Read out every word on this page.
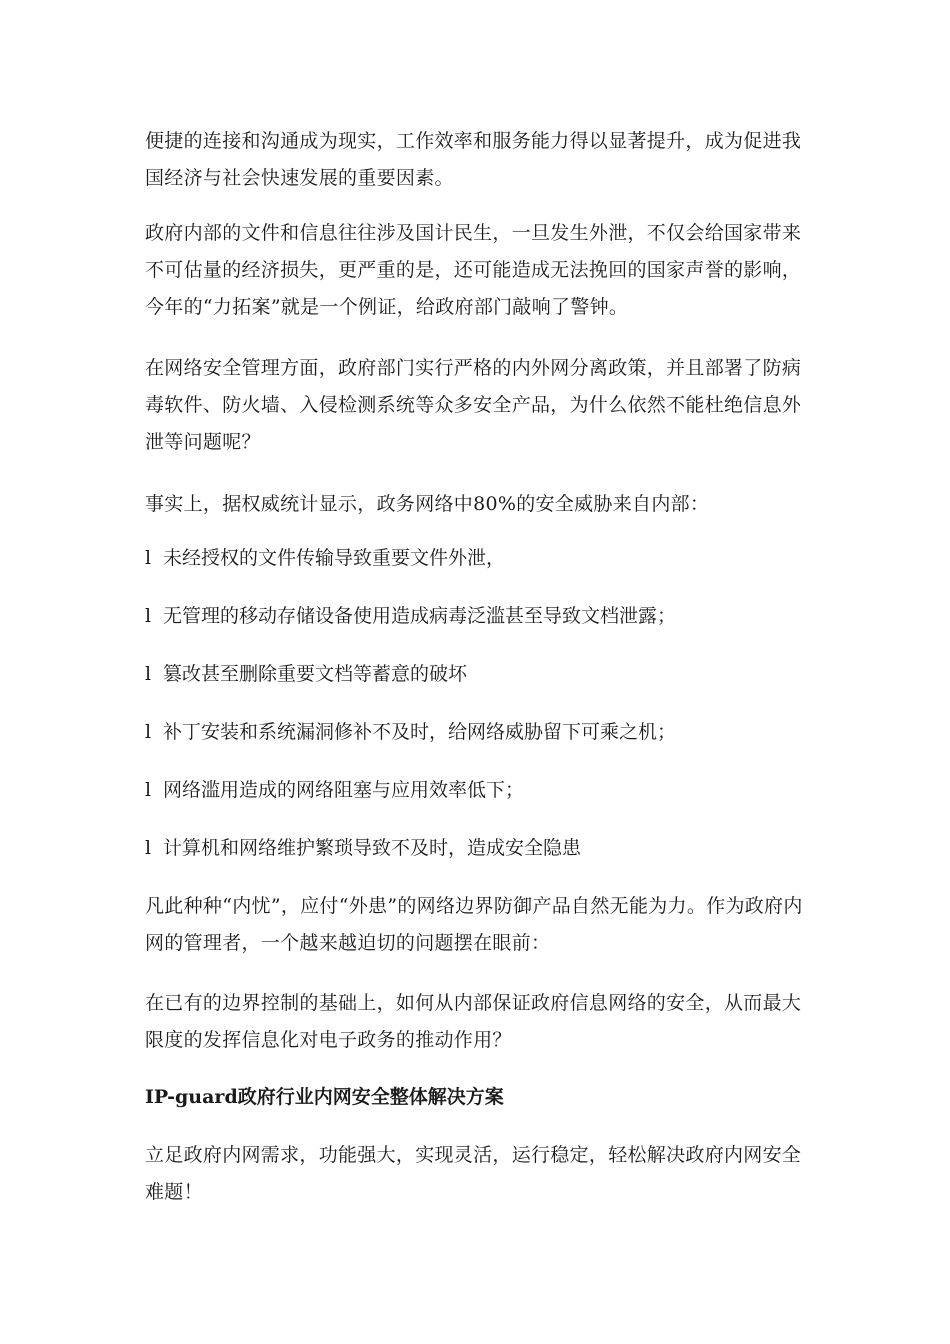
便捷的连接和沟通成为现实，工作效率和服务能力得以显著提升，成为促进我国经济与社会快速发展的重要因素。

政府内部的文件和信息往往涉及国计民生，一旦发生外泄，不仅会给国家带来不可估量的经济损失，更严重的是，还可能造成无法挽回的国家声誉的影响，今年的“力拓案”就是一个例证，给政府部门敲响了警钟。

在网络安全管理方面，政府部门实行严格的内外网分离政策，并且部署了防病毒软件、防火墙、入侵检测系统等众多安全产品，为什么依然不能杜绝信息外泄等问题呢？

事实上，据权威统计显示，政务网络中80%的安全威胁来自内部：

l 未经授权的文件传输导致重要文件外泄，

l 无管理的移动存储设备使用造成病毒泛滥甚至导致文档泄露；

l 篡改甚至删除重要文档等蓄意的破坏

l 补丁安装和系统漏洞修补不及时，给网络威胁留下可乘之机；

l 网络滥用造成的网络阻塞与应用效率低下；

l 计算机和网络维护繁琐导致不及时，造成安全隐患

凡此种种“内忧”，应付“外患”的网络边界防御产品自然无能为力。作为政府内网的管理者，一个越来越迫切的问题摆在眼前：

在已有的边界控制的基础上，如何从内部保证政府信息网络的安全，从而最大限度的发挥信息化对电子政务的推动作用？

IP-guard政府行业内网安全整体解决方案

立足政府内网需求，功能强大，实现灵活，运行稳定，轻松解决政府内网安全难题！
